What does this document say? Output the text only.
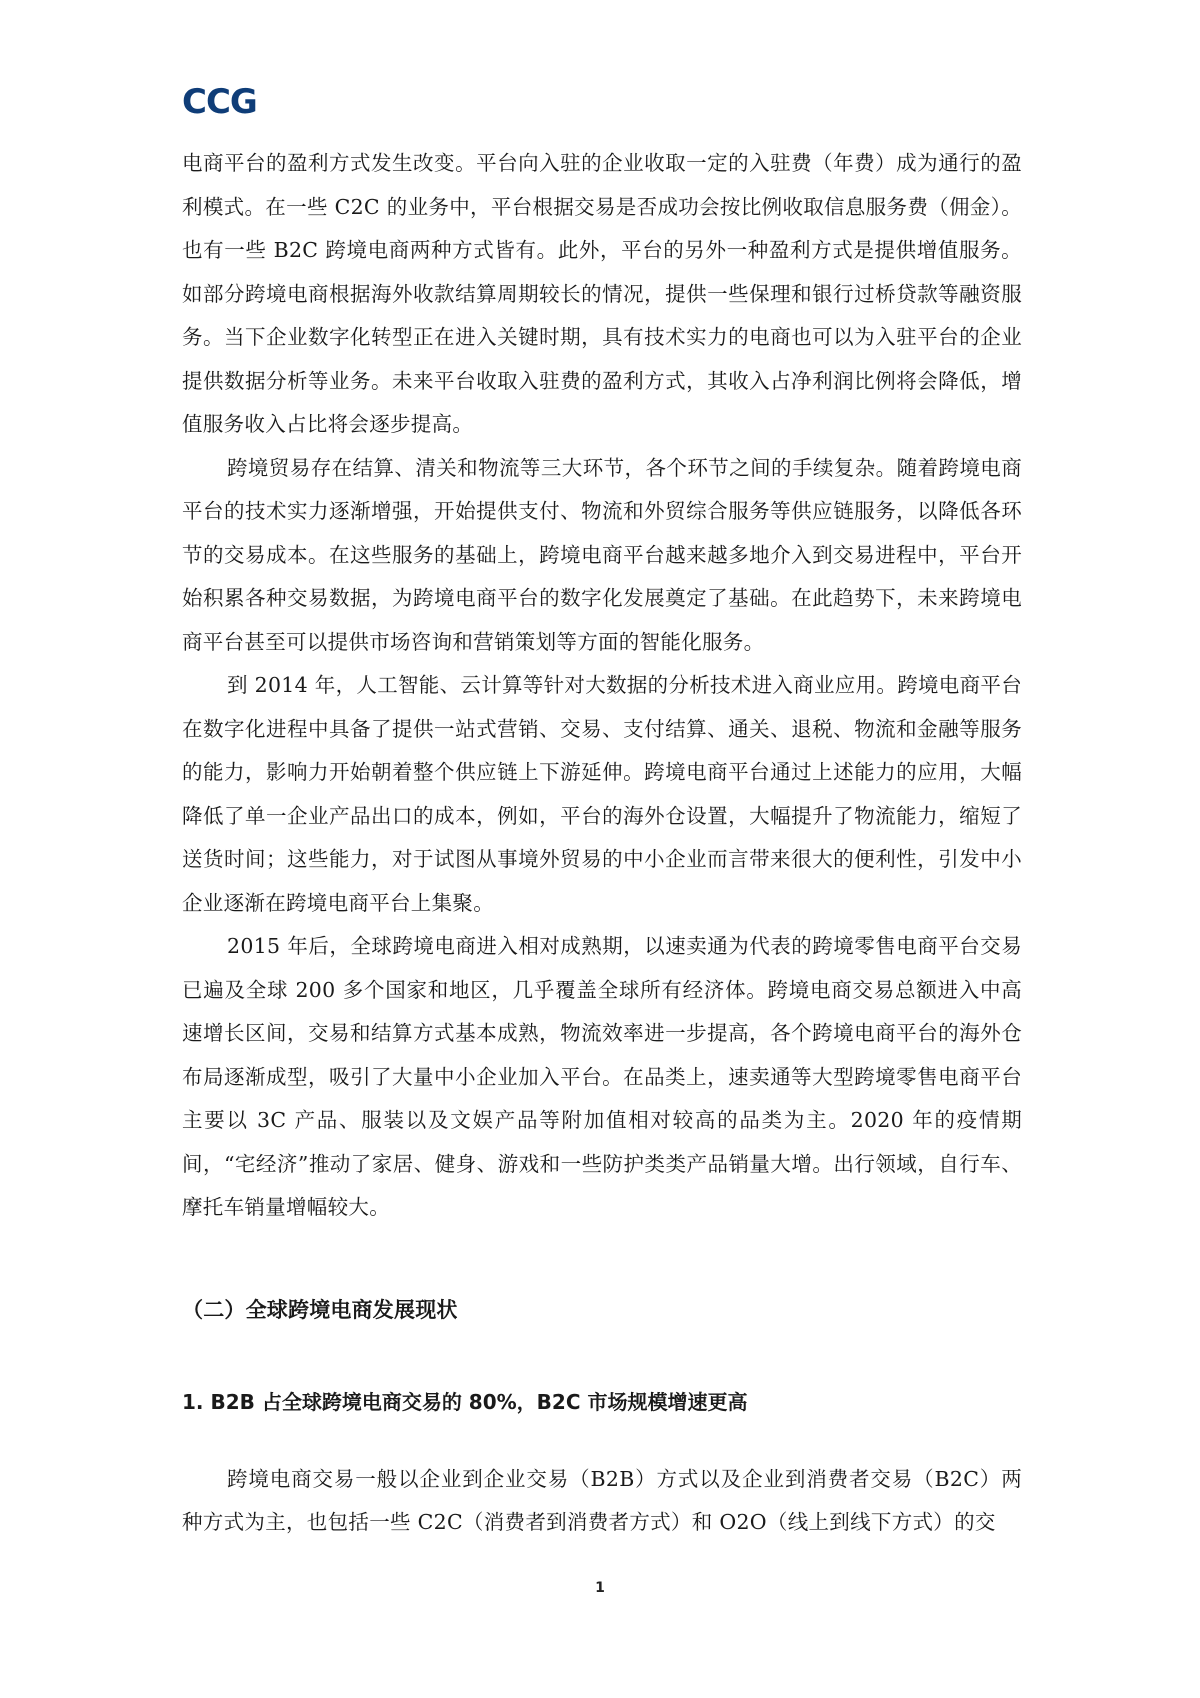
CCG

电商平台的盈利方式发生改变。平台向入驻的企业收取一定的入驻费（年费）成为通行的盈利模式。在一些 C2C 的业务中，平台根据交易是否成功会按比例收取信息服务费（佣金）。也有一些 B2C 跨境电商两种方式皆有。此外，平台的另外一种盈利方式是提供增值服务。如部分跨境电商根据海外收款结算周期较长的情况，提供一些保理和银行过桥贷款等融资服务。当下企业数字化转型正在进入关键时期，具有技术实力的电商也可以为入驻平台的企业提供数据分析等业务。未来平台收取入驻费的盈利方式，其收入占净利润比例将会降低，增值服务收入占比将会逐步提高。

跨境贸易存在结算、清关和物流等三大环节，各个环节之间的手续复杂。随着跨境电商平台的技术实力逐渐增强，开始提供支付、物流和外贸综合服务等供应链服务，以降低各环节的交易成本。在这些服务的基础上，跨境电商平台越来越多地介入到交易进程中，平台开始积累各种交易数据，为跨境电商平台的数字化发展奠定了基础。在此趋势下，未来跨境电商平台甚至可以提供市场咨询和营销策划等方面的智能化服务。

到 2014 年，人工智能、云计算等针对大数据的分析技术进入商业应用。跨境电商平台在数字化进程中具备了提供一站式营销、交易、支付结算、通关、退税、物流和金融等服务的能力，影响力开始朝着整个供应链上下游延伸。跨境电商平台通过上述能力的应用，大幅降低了单一企业产品出口的成本，例如，平台的海外仓设置，大幅提升了物流能力，缩短了送货时间；这些能力，对于试图从事境外贸易的中小企业而言带来很大的便利性，引发中小企业逐渐在跨境电商平台上集聚。

2015 年后，全球跨境电商进入相对成熟期，以速卖通为代表的跨境零售电商平台交易已遍及全球 200 多个国家和地区，几乎覆盖全球所有经济体。跨境电商交易总额进入中高速增长区间，交易和结算方式基本成熟，物流效率进一步提高，各个跨境电商平台的海外仓布局逐渐成型，吸引了大量中小企业加入平台。在品类上，速卖通等大型跨境零售电商平台主要以 3C 产品、服装以及文娱产品等附加值相对较高的品类为主。2020 年的疫情期间，“宅经济”推动了家居、健身、游戏和一些防护类类产品销量大增。出行领域，自行车、摩托车销量增幅较大。

（二）全球跨境电商发展现状
1. B2B 占全球跨境电商交易的 80%，B2C 市场规模增速更高

跨境电商交易一般以企业到企业交易（B2B）方式以及企业到消费者交易（B2C）两种方式为主，也包括一些 C2C（消费者到消费者方式）和 O2O（线上到线下方式）的交

1
